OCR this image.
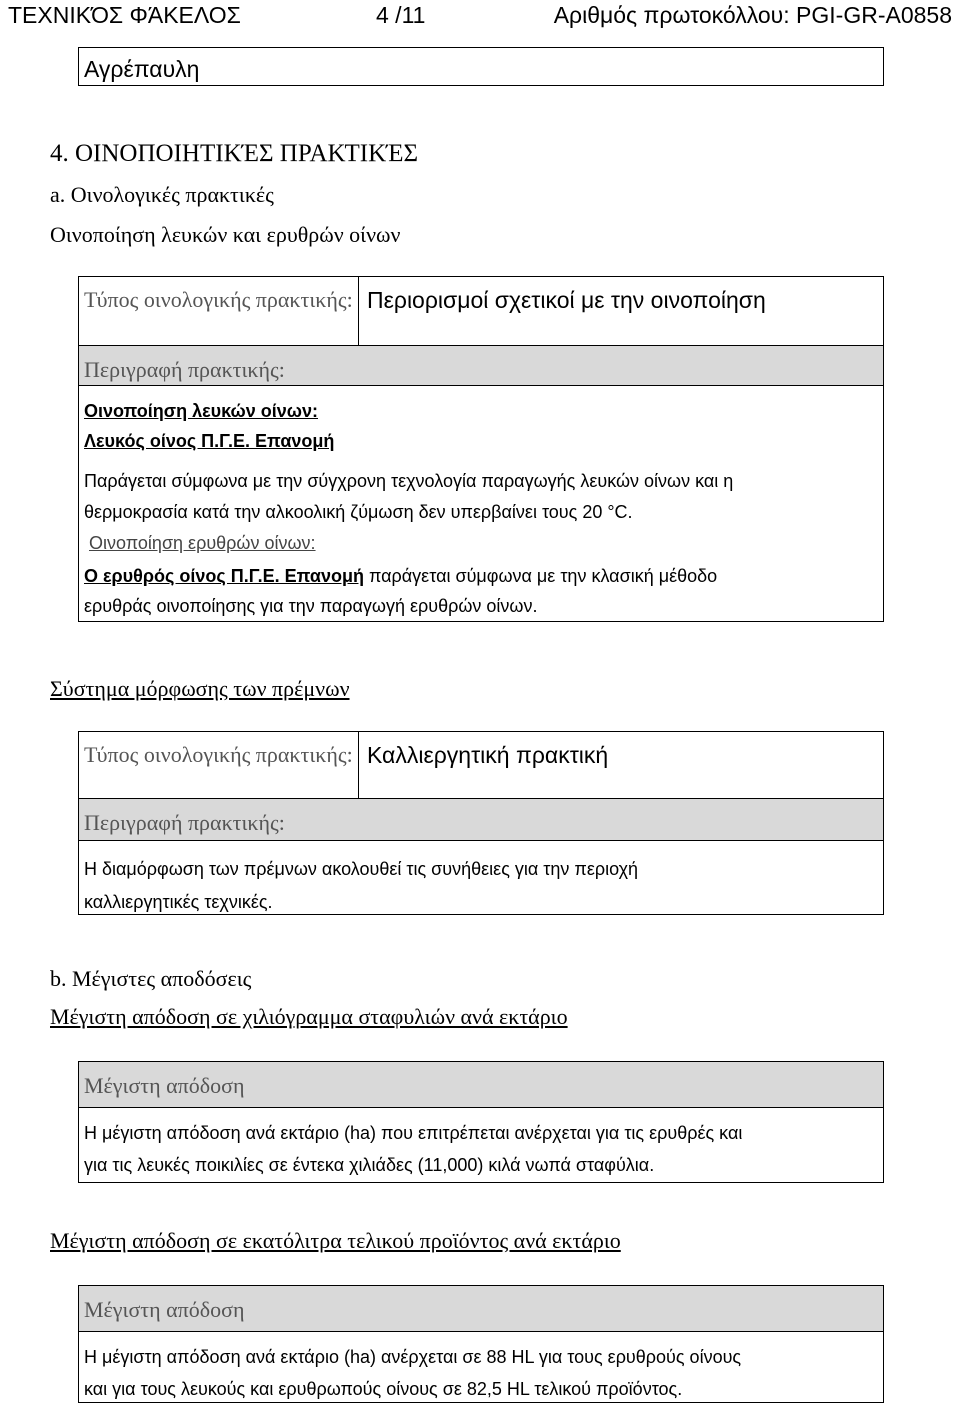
ΤΕΧΝΙΚΌΣ ΦΆΚΕΛΟΣ	4 /11	Αριθμός πρωτοκόλλου: PGI-GR-A0858
Αγρέπαυλη
4. ΟΙΝΟΠΟΙΗΤΙΚΈΣ ΠΡΑΚΤΙΚΈΣ
a. Οινολογικές πρακτικές
Οινοποίηση λευκών και ερυθρών οίνων
Τύπος οινολογικής πρακτικής: Περιορισμοί σχετικοί με την οινοποίηση
Περιγραφή πρακτικής:
Οινοποίηση λευκών οίνων:
Λευκός οίνος Π.Γ.Ε. Επανομή
Παράγεται σύμφωνα με την σύγχρονη τεχνολογία παραγωγής λευκών οίνων και η
θερμοκρασία κατά την αλκοολική ζύμωση δεν υπερβαίνει τους 20 °C.
Οινοποίηση ερυθρών οίνων:
Ο ερυθρός οίνος Π.Γ.Ε. Επανομή παράγεται σύμφωνα με την κλασική μέθοδο
ερυθράς οινοποίησης για την παραγωγή ερυθρών οίνων.
Σύστημα μόρφωσης των πρέμνων
Τύπος οινολογικής πρακτικής: Καλλιεργητική πρακτική
Περιγραφή πρακτικής:
Η διαμόρφωση των πρέμνων ακολουθεί τις συνήθειες για την περιοχή
καλλιεργητικές τεχνικές.
b. Μέγιστες αποδόσεις
Μέγιστη απόδοση σε χιλιόγραμμα σταφυλιών ανά εκτάριο
Μέγιστη απόδοση
Η μέγιστη απόδοση ανά εκτάριο (ha) που επιτρέπεται ανέρχεται για τις ερυθρές και
για τις λευκές ποικιλίες σε έντεκα χιλιάδες (11,000) κιλά νωπά σταφύλια.
Μέγιστη απόδοση σε εκατόλιτρα τελικού προϊόντος ανά εκτάριο
Μέγιστη απόδοση
Η μέγιστη απόδοση ανά εκτάριο (ha) ανέρχεται σε 88 HL για τους ερυθρούς οίνους
και για τους λευκούς και ερυθρωπούς οίνους σε 82,5 HL τελικού προϊόντος.
